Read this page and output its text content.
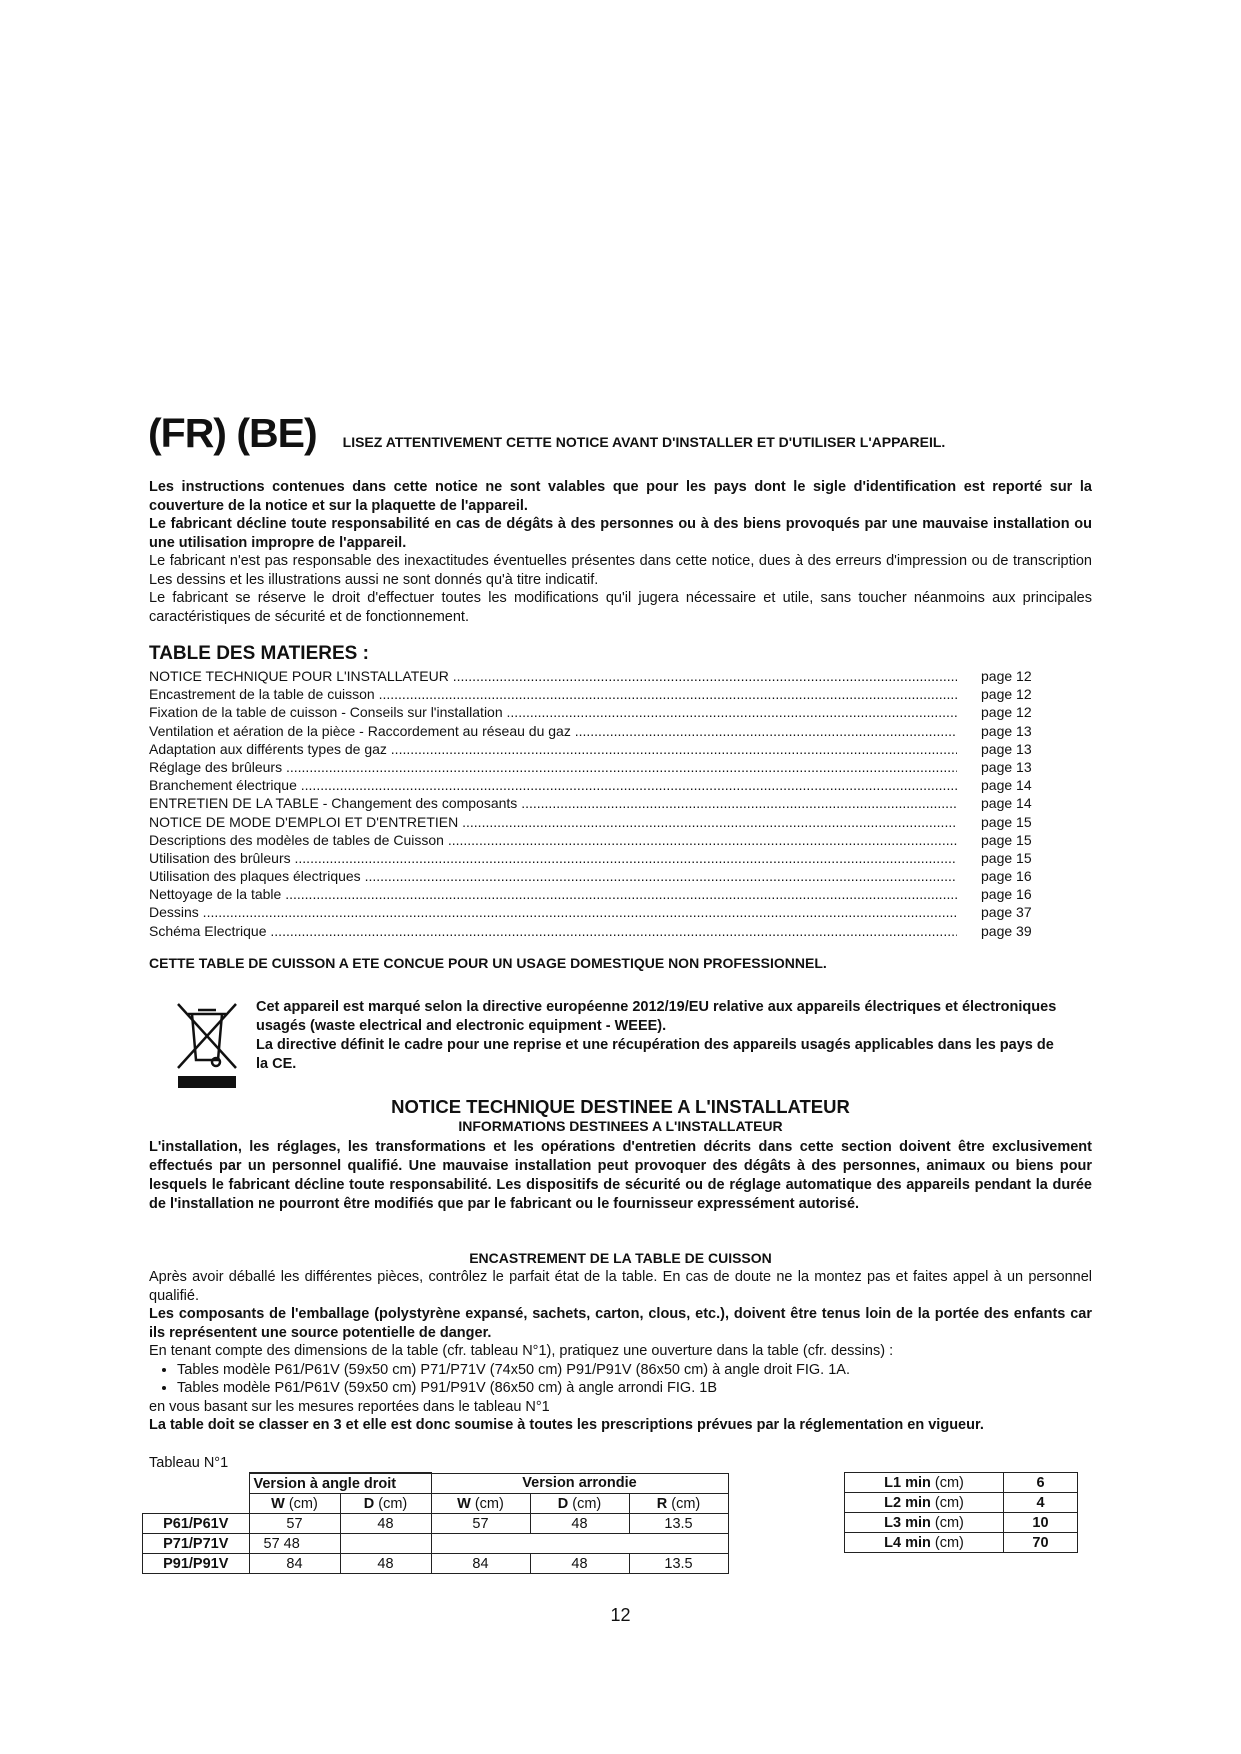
(FR) (BE) LISEZ ATTENTIVEMENT CETTE NOTICE AVANT D'INSTALLER ET D'UTILISER L'APPAREIL.

Les instructions contenues dans cette notice ne sont valables que pour les pays dont le sigle d'identification est reporté sur la couverture de la notice et sur la plaquette de l'appareil.

Le fabricant décline toute responsabilité en cas de dégâts à des personnes ou à des biens provoqués par une mauvaise installation ou une utilisation impropre de l'appareil.

Le fabricant n'est pas responsable des inexactitudes éventuelles présentes dans cette notice, dues à des erreurs d'impression ou de transcription Les dessins et les illustrations aussi ne sont donnés qu'à titre indicatif.

Le fabricant se réserve le droit d'effectuer toutes les modifications qu'il jugera nécessaire et utile, sans toucher néanmoins aux principales caractéristiques de sécurité et de fonctionnement.

TABLE DES MATIERES :
NOTICE TECHNIQUE POUR L'INSTALLATEUR .....	page 12
Encastrement de la table de cuisson .....	page 12
Fixation de la table de cuisson - Conseils sur l'installation .....	page 12
Ventilation et aération de la pièce - Raccordement au réseau du gaz .....	page 13
Adaptation aux différents types de gaz .....	page 13
Réglage des brûleurs .....	page 13
Branchement électrique .....	page 14
ENTRETIEN DE LA TABLE - Changement des composants .....	page 14
NOTICE DE MODE D'EMPLOI ET D'ENTRETIEN .....	page 15
Descriptions des modèles de tables de Cuisson .....	page 15
Utilisation des brûleurs .....	page 15
Utilisation des plaques électriques .....	page 16
Nettoyage de la table .....	page 16
Dessins .....	page 37
Schéma Electrique .....	page 39
CETTE TABLE DE CUISSON A ETE CONCUE POUR UN USAGE DOMESTIQUE NON PROFESSIONNEL.

Cet appareil est marqué selon la directive européenne 2012/19/EU relative aux appareils électriques et électroniques usagés (waste electrical and electronic equipment - WEEE).

La directive définit le cadre pour une reprise et une récupération des appareils usagés applicables dans les pays de la CE.

NOTICE TECHNIQUE DESTINEE A L'INSTALLATEUR
INFORMATIONS DESTINEES A L'INSTALLATEUR
L'installation, les réglages, les transformations et les opérations d'entretien décrits dans cette section doivent être exclusivement effectués par un personnel qualifié. Une mauvaise installation peut provoquer des dégâts à des personnes, animaux ou biens pour lesquels le fabricant décline toute responsabilité. Les dispositifs de sécurité ou de réglage automatique des appareils pendant la durée de l'installation ne pourront être modifiés que par le fabricant ou le fournisseur expressément autorisé.
ENCASTREMENT DE LA TABLE DE CUISSON

Après avoir déballé les différentes pièces, contrôlez le parfait état de la table. En cas de doute ne la montez pas et faites appel à un personnel qualifié.

Les composants de l'emballage (polystyrène expansé, sachets, carton, clous, etc.), doivent être tenus loin de la portée des enfants car ils représentent une source potentielle de danger.

En tenant compte des dimensions de la table (cfr. tableau N°1), pratiquez une ouverture dans la table (cfr. dessins) :

• Tables modèle P61/P61V (59x50 cm) P71/P71V (74x50 cm) P91/P91V (86x50 cm) à angle droit FIG. 1A.
• Tables modèle P61/P61V (59x50 cm) P91/P91V (86x50 cm) à angle arrondi FIG. 1B

en vous basant sur les mesures reportées dans le tableau N°1

La table doit se classer en 3 et elle est donc soumise à toutes les prescriptions prévues par la réglementation en vigueur.

Tableau N°1
	Version à angle droit		Version arrondie		
	W (cm)	D (cm)	W (cm)	D (cm)	R (cm)
P61/P61V	57	48	57	48	13.5
P71/P71V	57 48				
P91/P91V	84	48	84	48	13.5
L1 min (cm)	6
L2 min (cm)	4
L3 min (cm)	10
L4 min (cm)	70
12
